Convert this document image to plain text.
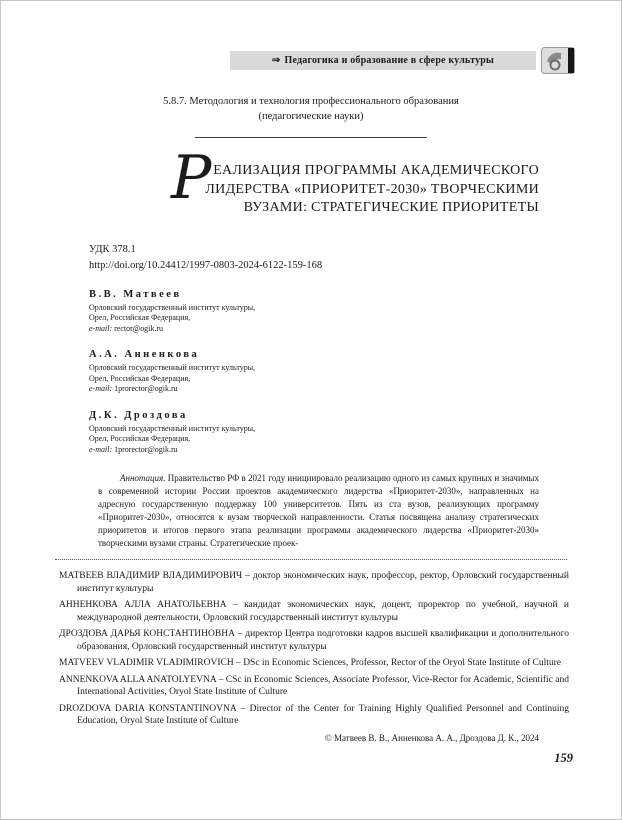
⇒ Педагогика и образование в сфере культуры
5.8.7. Методология и технология профессионального образования
(педагогические науки)
Р ЕАЛИЗАЦИЯ ПРОГРАММЫ АКАДЕМИЧЕСКОГО
ЛИДЕРСТВА «ПРИОРИТЕТ-2030» ТВОРЧЕСКИМИ
ВУЗАМИ: СТРАТЕГИЧЕСКИЕ ПРИОРИТЕТЫ
УДК 378.1
http://doi.org/10.24412/1997-0803-2024-6122-159-168
В.В. Матвеев
Орловский государственный институт культуры,
Орел, Российская Федерация,
e-mail: rector@ogik.ru
А.А. Анненкова
Орловский государственный институт культуры,
Орел, Российская Федерация,
e-mail: 1prorector@ogik.ru
Д.К. Дроздова
Орловский государственный институт культуры,
Орел, Российская Федерация,
e-mail: 1prorector@ogik.ru

Аннотация. Правительство РФ в 2021 году инициировало реализацию одного из самых крупных и значимых в современной истории России проектов академического лидерства «Приоритет-2030», направленных на адресную государственную поддержку 100 университетов. Пять из ста вузов, реализующих программу «Приоритет-2030», относятся к вузам творческой направленности. Статья посвящена анализу стратегических приоритетов и итогов первого этапа реализации программы академического лидерства «Приоритет-2030» творческими вузами страны. Стратегические проек-

МАТВЕЕВ ВЛАДИМИР ВЛАДИМИРОВИЧ – доктор экономических наук, профессор, ректор, Орловский государственный институт культуры

АННЕНКОВА АЛЛА АНАТОЛЬЕВНА – кандидат экономических наук, доцент, проректор по учебной, научной и международной деятельности, Орловский государственный институт культуры

ДРОЗДОВА ДАРЬЯ КОНСТАНТИНОВНА – директор Центра подготовки кадров высшей квалификации и дополнительного образования, Орловский государственный институт культуры

MATVEEV VLADIMIR VLADIMIROVICH – DSc in Economic Sciences, Professor, Rector of the Oryol State Institute of Culture

ANNENKOVA ALLA ANATOLYEVNA – CSc in Economic Sciences, Associate Professor, Vice-Rector for Academic, Scientific and International Activities, Oryol State Institute of Culture

DROZDOVA DARIA KONSTANTINOVNA – Director of the Center for Training Highly Qualified Personnel and Continuing Education, Oryol State Institute of Culture

© Матвеев В. В., Анненкова А. А., Дроздова Д. К., 2024
159
